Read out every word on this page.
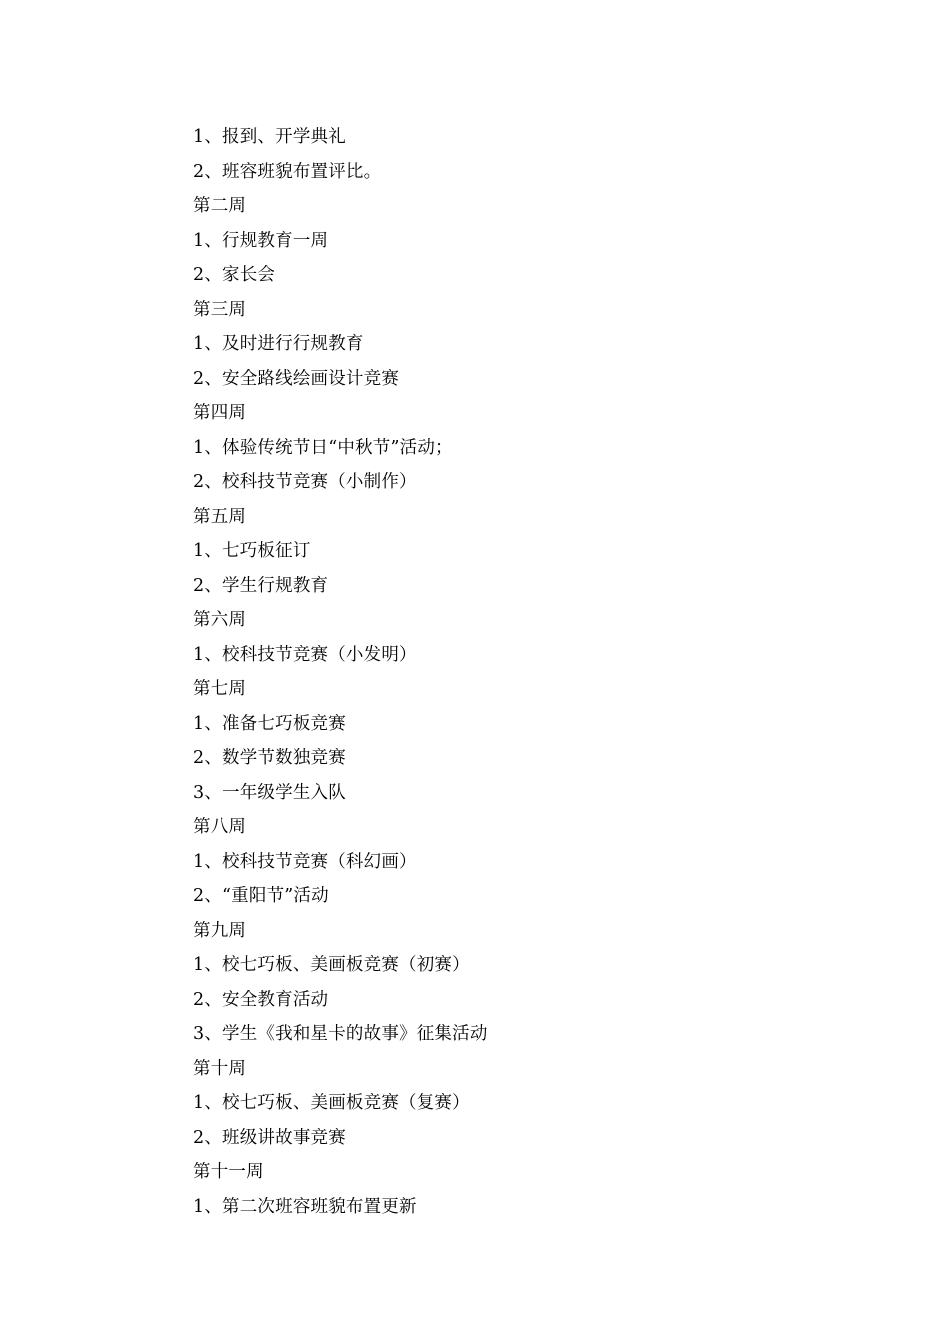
1、报到、开学典礼
2、班容班貌布置评比。
第二周
1、行规教育一周
2、家长会
第三周
1、及时进行行规教育
2、安全路线绘画设计竞赛
第四周
1、体验传统节日“中秋节”活动；
2、校科技节竞赛（小制作）
第五周
1、七巧板征订
2、学生行规教育
第六周
1、校科技节竞赛（小发明）
第七周
1、准备七巧板竞赛
2、数学节数独竞赛
3、一年级学生入队
第八周
1、校科技节竞赛（科幻画）
2、“重阳节”活动
第九周
1、校七巧板、美画板竞赛（初赛）
2、安全教育活动
3、学生《我和星卡的故事》征集活动
第十周
1、校七巧板、美画板竞赛（复赛）
2、班级讲故事竞赛
第十一周
1、第二次班容班貌布置更新
